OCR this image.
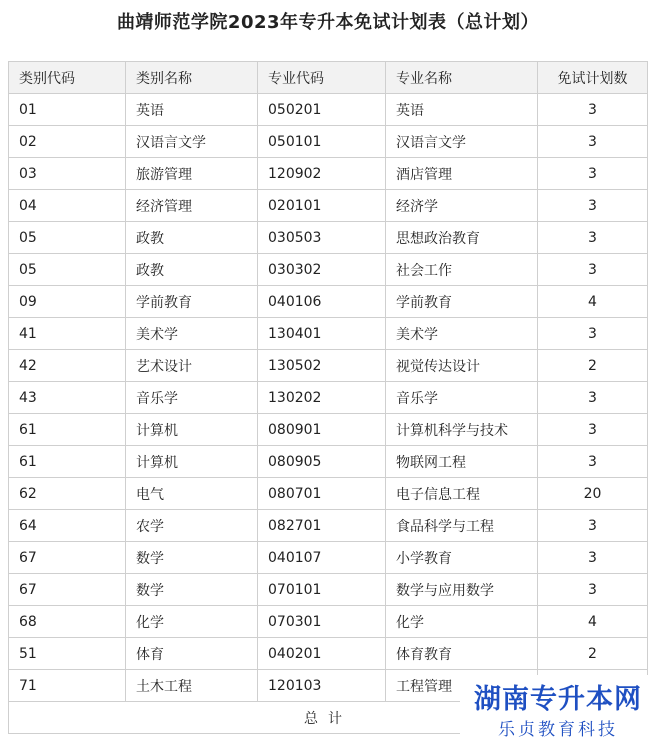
曲靖师范学院2023年专升本免试计划表（总计划）
类别代码	类别名称	专业代码	专业名称	免试计划数
01	英语	050201	英语	3
02	汉语言文学	050101	汉语言文学	3
03	旅游管理	120902	酒店管理	3
04	经济管理	020101	经济学	3
05	政教	030503	思想政治教育	3
05	政教	030302	社会工作	3
09	学前教育	040106	学前教育	4
41	美术学	130401	美术学	3
42	艺术设计	130502	视觉传达设计	2
43	音乐学	130202	音乐学	3
61	计算机	080901	计算机科学与技术	3
61	计算机	080905	物联网工程	3
62	电气	080701	电子信息工程	20
64	农学	082701	食品科学与工程	3
67	数学	040107	小学教育	3
67	数学	070101	数学与应用数学	3
68	化学	070301	化学	4
51	体育	040201	体育教育	2
71	土木工程	120103	工程管理	
总计				
湖南专升本网
乐贞教育科技
